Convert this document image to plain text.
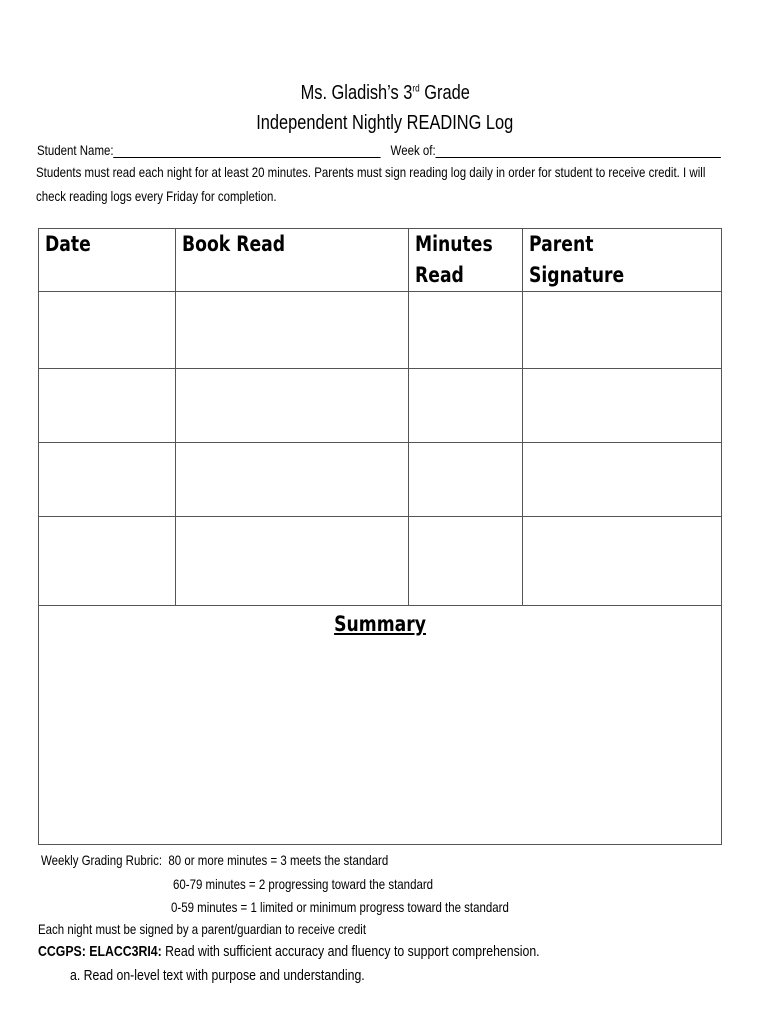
Ms. Gladish’s 3rd Grade
Independent Nightly READING Log
Student Name:	Week of:
Students must read each night for at least 20 minutes. Parents must sign reading log daily in order for student to receive credit. I will
check reading logs every Friday for completion.
Date	Book Read	Minutes Read	Parent Signature

Summary			
Weekly Grading Rubric: 80 or more minutes = 3 meets the standard
60-79 minutes = 2 progressing toward the standard
0-59 minutes = 1 limited or minimum progress toward the standard
Each night must be signed by a parent/guardian to receive credit
CCGPS: ELACC3RI4: Read with sufficient accuracy and fluency to support comprehension.
a. Read on-level text with purpose and understanding.
